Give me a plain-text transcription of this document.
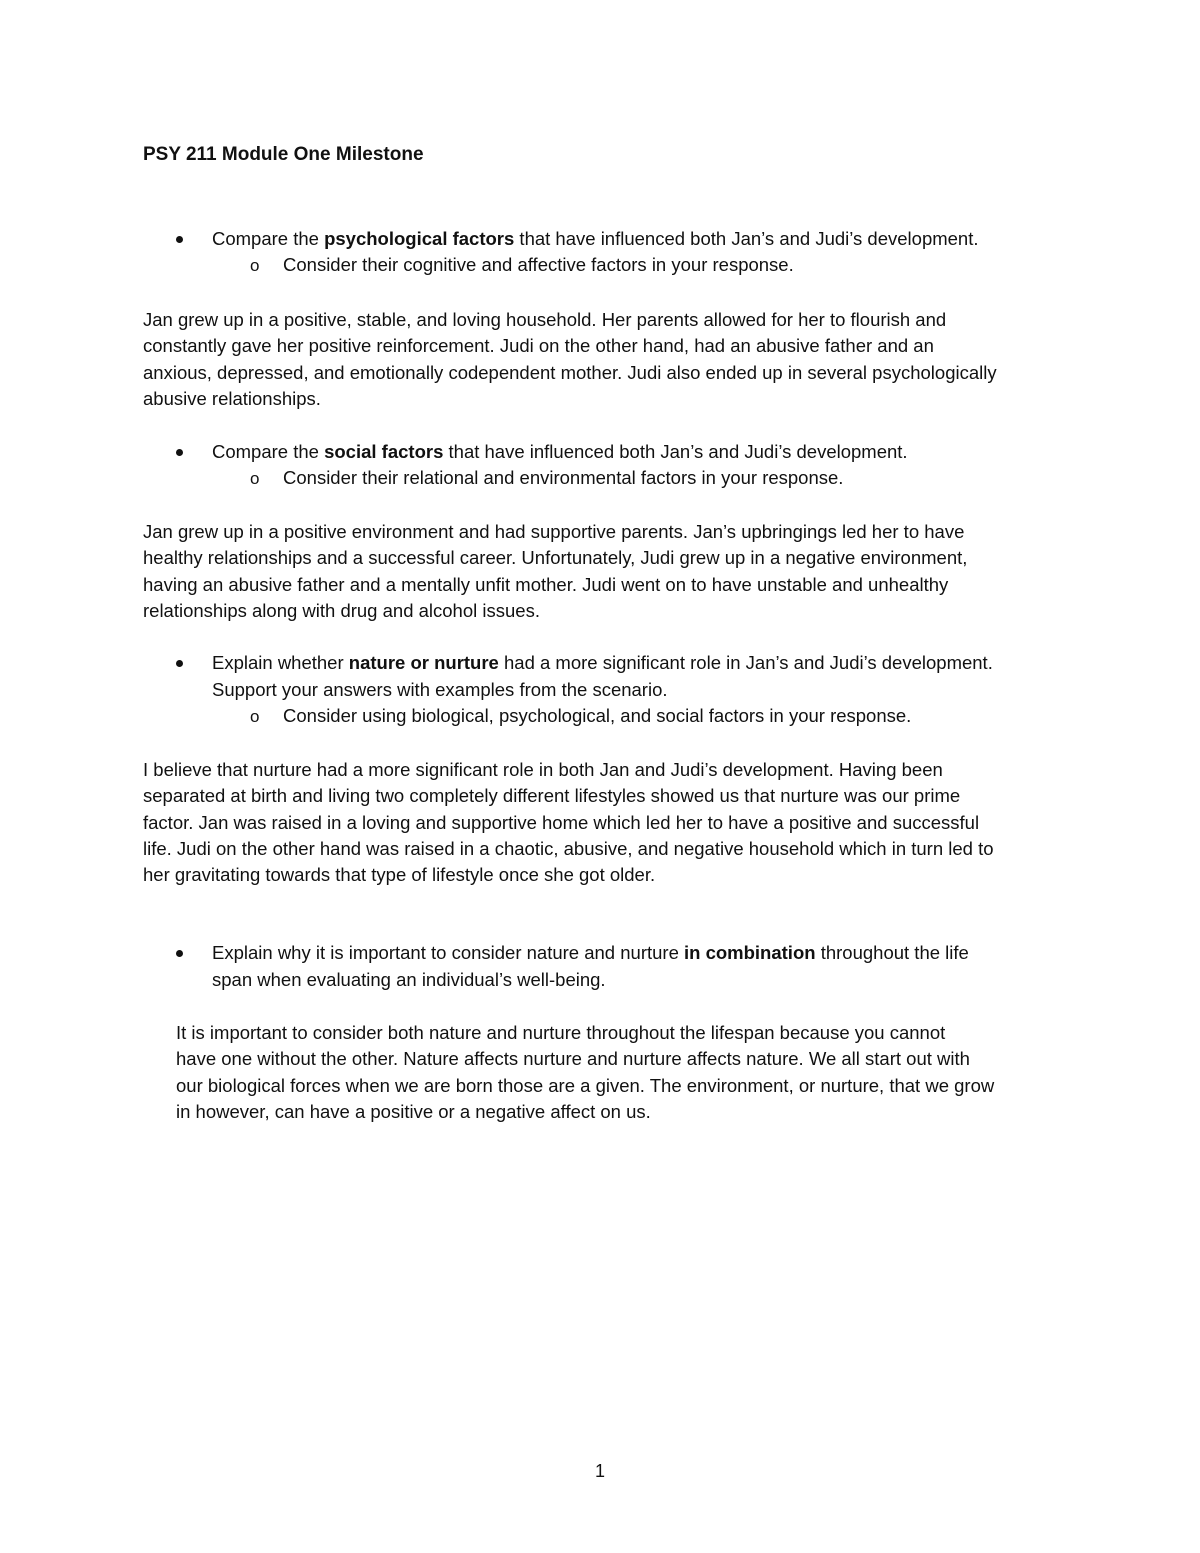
PSY 211 Module One Milestone
Compare the psychological factors that have influenced both Jan’s and Judi’s development.
o Consider their cognitive and affective factors in your response.
Jan grew up in a positive, stable, and loving household. Her parents allowed for her to flourish and
constantly gave her positive reinforcement. Judi on the other hand, had an abusive father and an
anxious, depressed, and emotionally codependent mother. Judi also ended up in several psychologically
abusive relationships.
Compare the social factors that have influenced both Jan’s and Judi’s development.
o Consider their relational and environmental factors in your response.
Jan grew up in a positive environment and had supportive parents. Jan’s upbringings led her to have
healthy relationships and a successful career. Unfortunately, Judi grew up in a negative environment,
having an abusive father and a mentally unfit mother. Judi went on to have unstable and unhealthy
relationships along with drug and alcohol issues.
Explain whether nature or nurture had a more significant role in Jan’s and Judi’s development.
Support your answers with examples from the scenario.
o Consider using biological, psychological, and social factors in your response.
I believe that nurture had a more significant role in both Jan and Judi’s development. Having been
separated at birth and living two completely different lifestyles showed us that nurture was our prime
factor. Jan was raised in a loving and supportive home which led her to have a positive and successful
life. Judi on the other hand was raised in a chaotic, abusive, and negative household which in turn led to
her gravitating towards that type of lifestyle once she got older.
Explain why it is important to consider nature and nurture in combination throughout the life
span when evaluating an individual’s well-being.
It is important to consider both nature and nurture throughout the lifespan because you cannot
have one without the other. Nature affects nurture and nurture affects nature. We all start out with
our biological forces when we are born those are a given. The environment, or nurture, that we grow
in however, can have a positive or a negative affect on us.
1
